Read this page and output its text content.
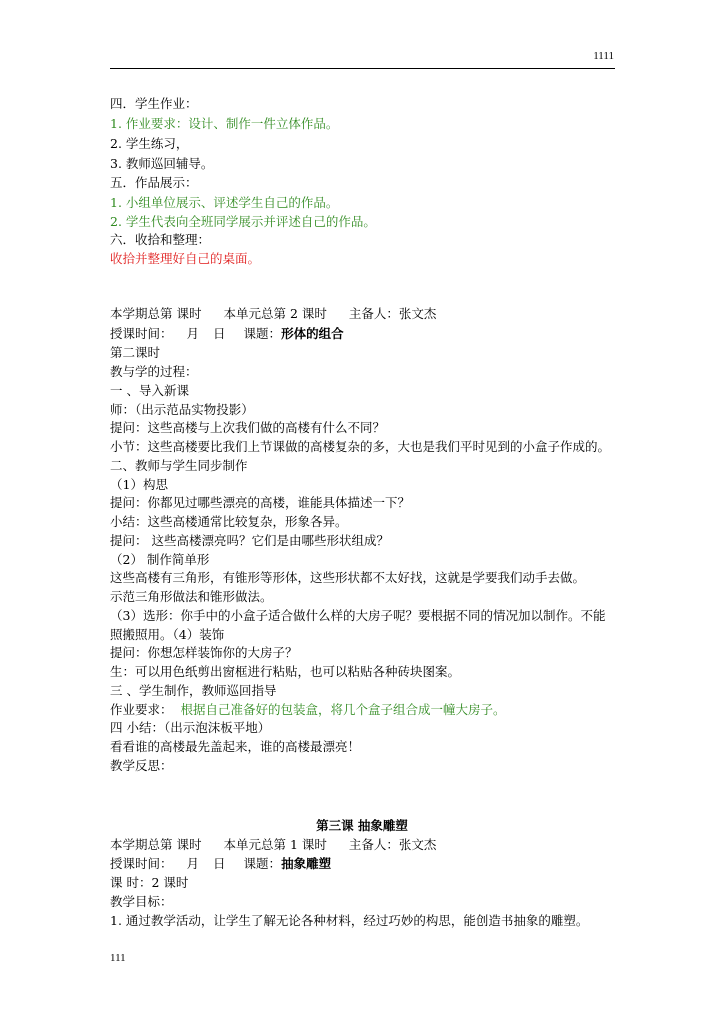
1111
四．学生作业：
1. 作业要求：设计、制作一件立体作品。
2. 学生练习，
3. 教师巡回辅导。
五．作品展示：
1. 小组单位展示、评述学生自己的作品。
2. 学生代表向全班同学展示并评述自己的作品。
六．收拾和整理：
收拾并整理好自己的桌面。
本学期总第 课时 本单元总第 2 课时 主备人：张文杰
授课时间： 月 日 课题：形体的组合
第二课时
教与学的过程：
一 、导入新课
师：（出示范品实物投影）
提问：这些高楼与上次我们做的高楼有什么不同？
小节：这些高楼要比我们上节课做的高楼复杂的多，大也是我们平时见到的小盒子作成的。
二、教师与学生同步制作
（1）构思
提问：你都见过哪些漂亮的高楼，谁能具体描述一下？
小结：这些高楼通常比较复杂，形象各异。
提问： 这些高楼漂亮吗？它们是由哪些形状组成？
（2） 制作简单形
这些高楼有三角形，有锥形等形体，这些形状都不太好找，这就是学要我们动手去做。
示范三角形做法和锥形做法。
（3）选形：你手中的小盒子适合做什么样的大房子呢？要根据不同的情况加以制作。不能
照搬照用。（4）装饰
提问：你想怎样装饰你的大房子？
生：可以用色纸剪出窗框进行粘贴，也可以粘贴各种砖块图案。
三 、学生制作，教师巡回指导
作业要求： 根据自己准备好的包装盒，将几个盒子组合成一幢大房子。
四 小结：（出示泡沫板平地）
看看谁的高楼最先盖起来，谁的高楼最漂亮！
教学反思：
第三课 抽象雕塑
本学期总第 课时 本单元总第 1 课时 主备人：张文杰
授课时间： 月 日 课题：抽象雕塑
课 时：2 课时
教学目标：
1. 通过教学活动，让学生了解无论各种材料，经过巧妙的构思，能创造书抽象的雕塑。
111
